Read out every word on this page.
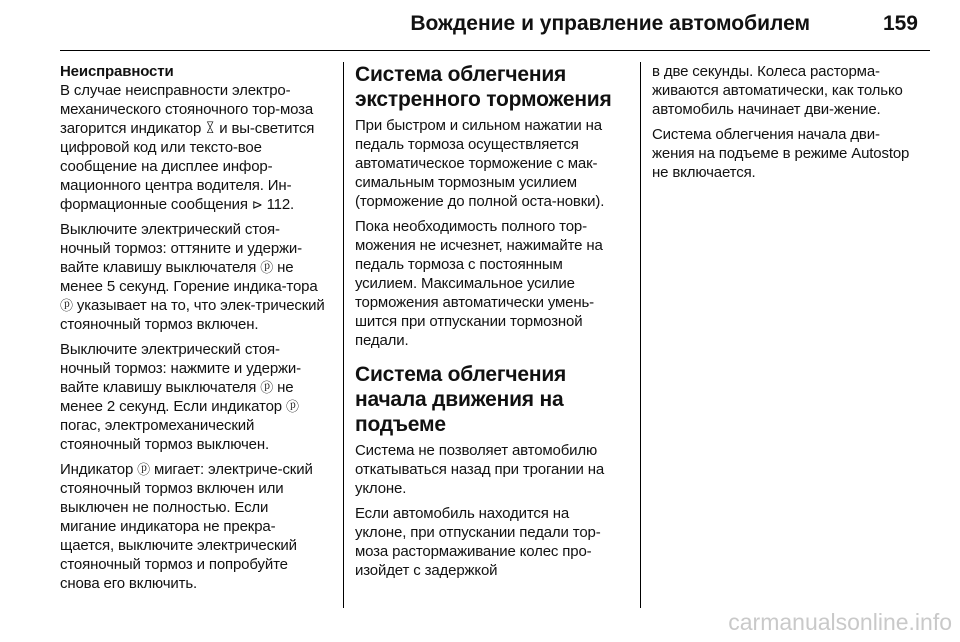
Вождение и управление автомобилем	159
Неисправности

В случае неисправности электро-механического стояночного тор-моза загорится индикатор ꒾ и вы-светится цифровой код или тексто-вое сообщение на дисплее инфор-мационного центра водителя. Ин-формационные сообщения ⊳ 112.

Выключите электрический стоя-ночный тормоз: оттяните и удержи-вайте клавишу выключателя ⓟ не менее 5 секунд. Горение индика-тора ⓟ указывает на то, что элек-трический стояночный тормоз включен.

Выключите электрический стоя-ночный тормоз: нажмите и удержи-вайте клавишу выключателя ⓟ не менее 2 секунд. Если индикатор ⓟ погас, электромеханический стояночный тормоз выключен.

Индикатор ⓟ мигает: электриче-ский стояночный тормоз включен или выключен не полностью. Если мигание индикатора не прекра-щается, выключите электрический стояночный тормоз и попробуйте снова его включить.

Система облегчения экстренного торможения

При быстром и сильном нажатии на педаль тормоза осуществляется автоматическое торможение с мак-симальным тормозным усилием (торможение до полной оста-новки).

Пока необходимость полного тор-можения не исчезнет, нажимайте на педаль тормоза с постоянным усилием. Максимальное усилие торможения автоматически умень-шится при отпускании тормозной педали.

Система облегчения начала движения на подъеме

Система не позволяет автомобилю откатываться назад при трогании на уклоне.

Если автомобиль находится на уклоне, при отпускании педали тор-моза растормаживание колес про-изойдет с задержкой

в две секунды. Колеса расторма-живаются автоматически, как только автомобиль начинает дви-жение.

Система облегчения начала дви-жения на подъеме в режиме Autostop не включается.

carmanualsonline.info
